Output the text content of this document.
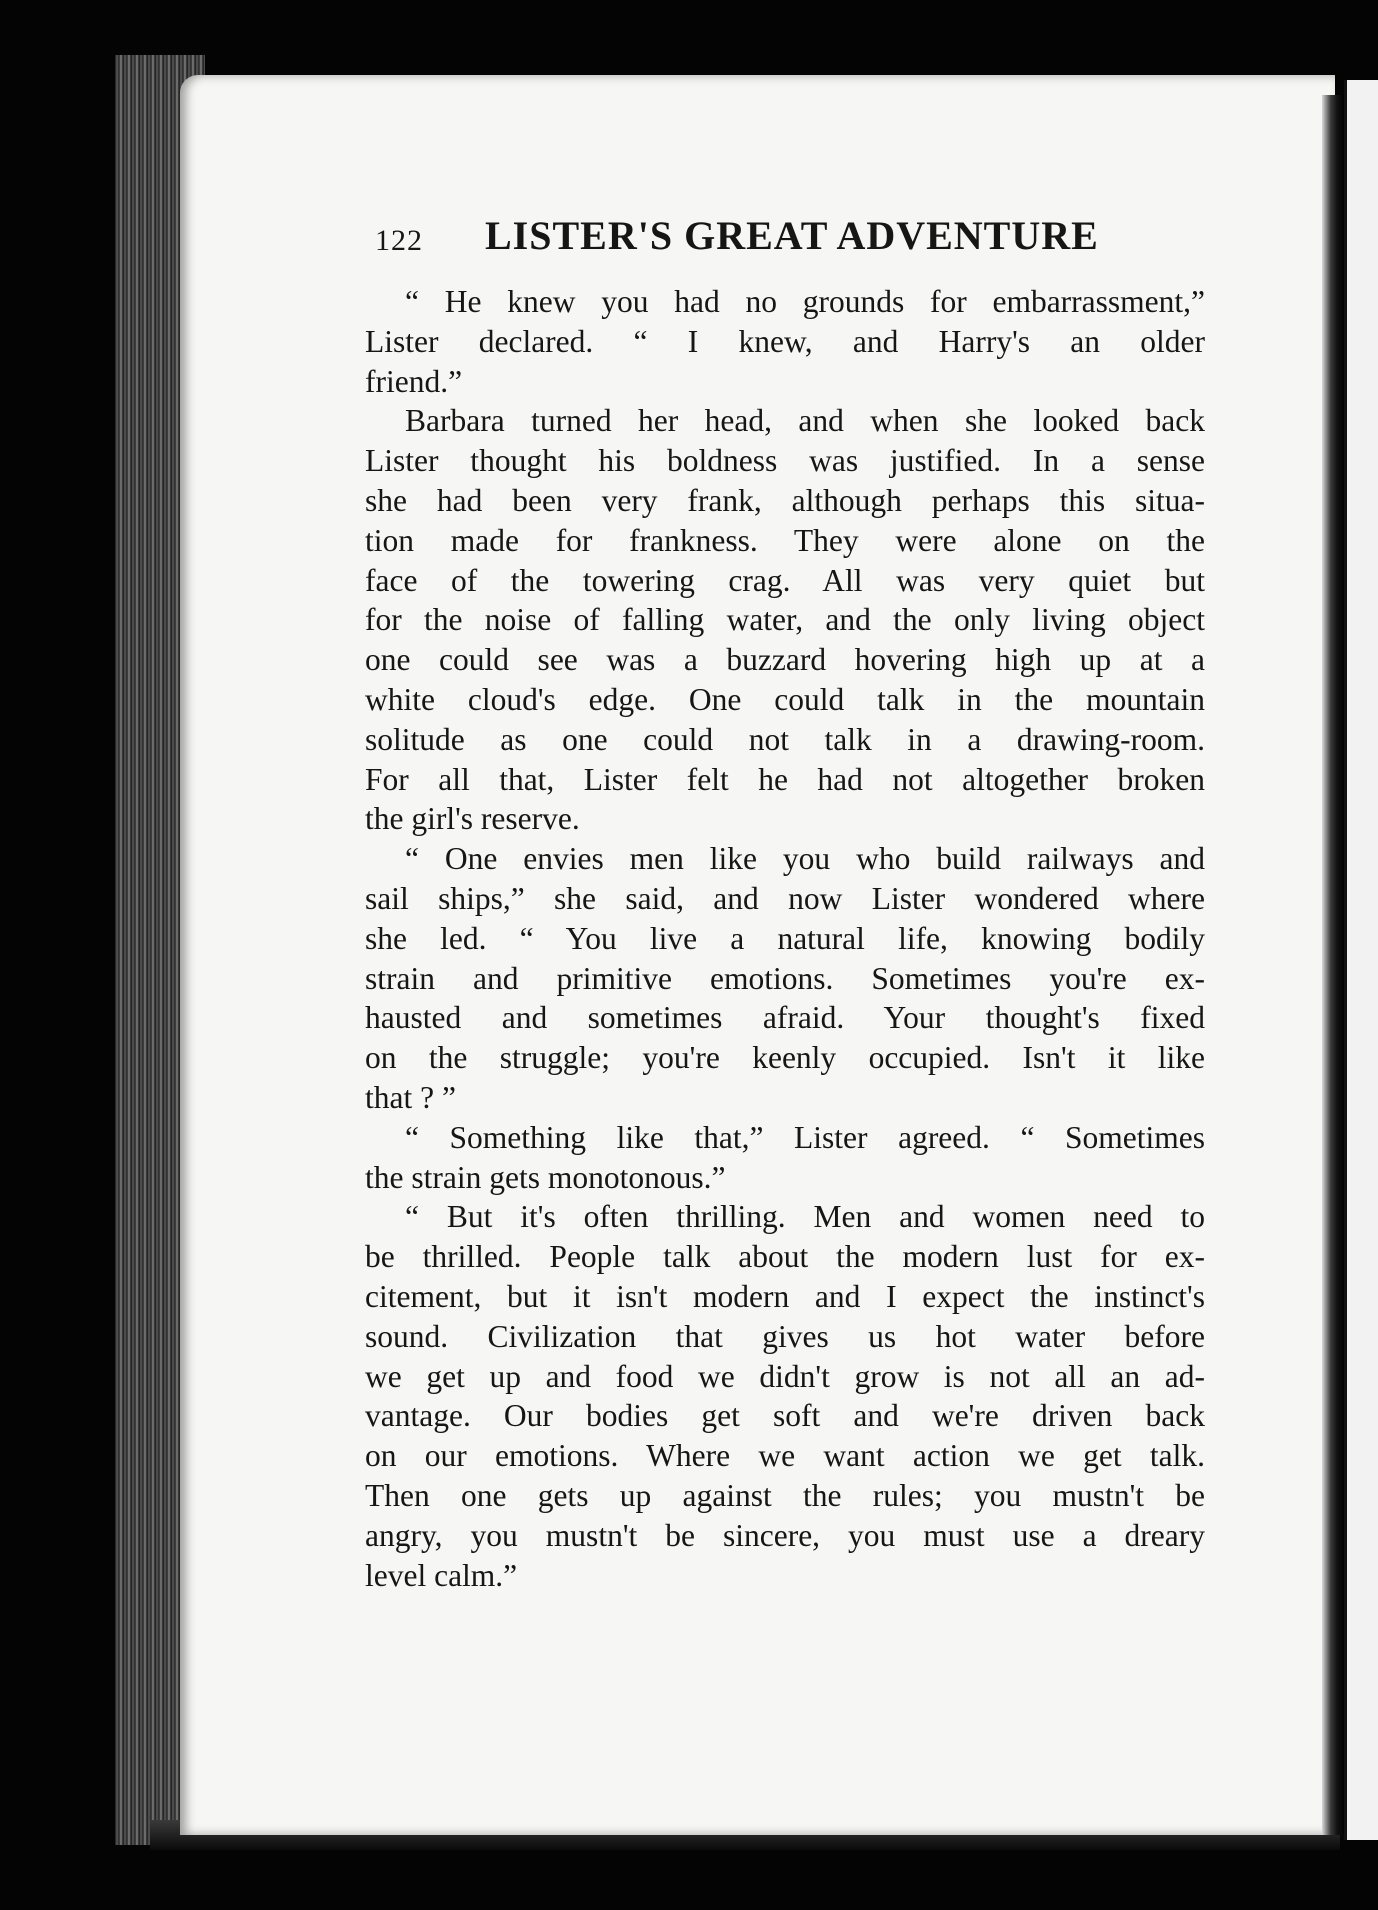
122 LISTER'S GREAT ADVENTURE
“ He knew you had no grounds for embarrassment,”
Lister declared. “ I knew, and Harry's an older
friend.”
Barbara turned her head, and when she looked back
Lister thought his boldness was justified. In a sense
she had been very frank, although perhaps this situa-
tion made for frankness. They were alone on the
face of the towering crag. All was very quiet but
for the noise of falling water, and the only living object
one could see was a buzzard hovering high up at a
white cloud's edge. One could talk in the mountain
solitude as one could not talk in a drawing-room.
For all that, Lister felt he had not altogether broken
the girl's reserve.
“ One envies men like you who build railways and
sail ships,” she said, and now Lister wondered where
she led. “ You live a natural life, knowing bodily
strain and primitive emotions. Sometimes you're ex-
hausted and sometimes afraid. Your thought's fixed
on the struggle; you're keenly occupied. Isn't it like
that ? ”
“ Something like that,” Lister agreed. “ Sometimes
the strain gets monotonous.”
“ But it's often thrilling. Men and women need to
be thrilled. People talk about the modern lust for ex-
citement, but it isn't modern and I expect the instinct's
sound. Civilization that gives us hot water before
we get up and food we didn't grow is not all an ad-
vantage. Our bodies get soft and we're driven back
on our emotions. Where we want action we get talk.
Then one gets up against the rules; you mustn't be
angry, you mustn't be sincere, you must use a dreary
level calm.”
